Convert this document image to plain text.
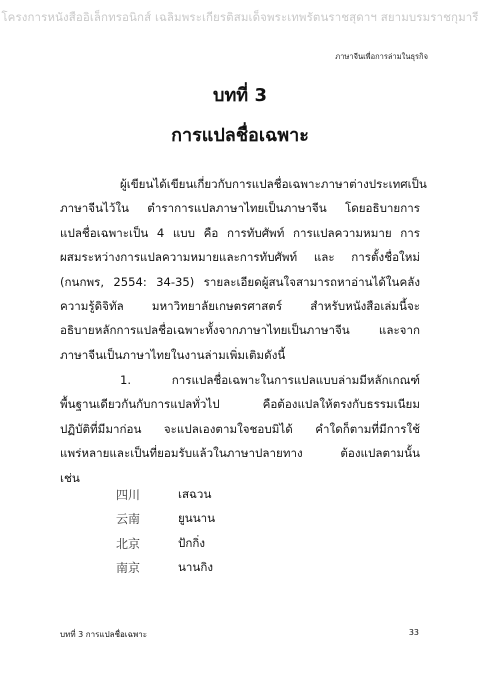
โครงการหนังสืออิเล็กทรอนิกส์ เฉลิมพระเกียรติสมเด็จพระเทพรัตนราชสุดาฯ สยามบรมราชกุมารี
ภาษาจีนเพื่อการล่ามในธุรกิจ
บทที่ 3
การแปลชื่อเฉพาะ
ผู้เขียนได้เขียนเกี่ยวกับการแปลชื่อเฉพาะภาษาต่างประเทศเป็น
ภาษาจีนไว้ใน ตำราการแปลภาษาไทยเป็นภาษาจีน โดยอธิบายการ
แปลชื่อเฉพาะเป็น 4 แบบ คือ การทับศัพท์ การแปลความหมาย การ
ผสมระหว่างการแปลความหมายและการทับศัพท์ และ การตั้งชื่อใหม่
(กนกพร, 2554: 34-35) รายละเอียดผู้สนใจสามารถหาอ่านได้ในคลัง
ความรู้ดิจิทัล มหาวิทยาลัยเกษตรศาสตร์ สำหรับหนังสือเล่มนี้จะ
อธิบายหลักการแปลชื่อเฉพาะทั้งจากภาษาไทยเป็นภาษาจีน และจาก
ภาษาจีนเป็นภาษาไทยในงานล่ามเพิ่มเติมดังนี้
1. การแปลชื่อเฉพาะในการแปลแบบล่ามมีหลักเกณฑ์
พื้นฐานเดียวกันกับการแปลทั่วไป คือต้องแปลให้ตรงกับธรรมเนียม
ปฏิบัติที่มีมาก่อน จะแปลเองตามใจชอบมิได้ คำใดก็ตามที่มีการใช้
แพร่หลายและเป็นที่ยอมรับแล้วในภาษาปลายทาง ต้องแปลตามนั้น
เช่น
四川	เสฉวน
云南	ยูนนาน
北京	ปักกิ่ง
南京	นานกิง
บทที่ 3 การแปลชื่อเฉพาะ	33
